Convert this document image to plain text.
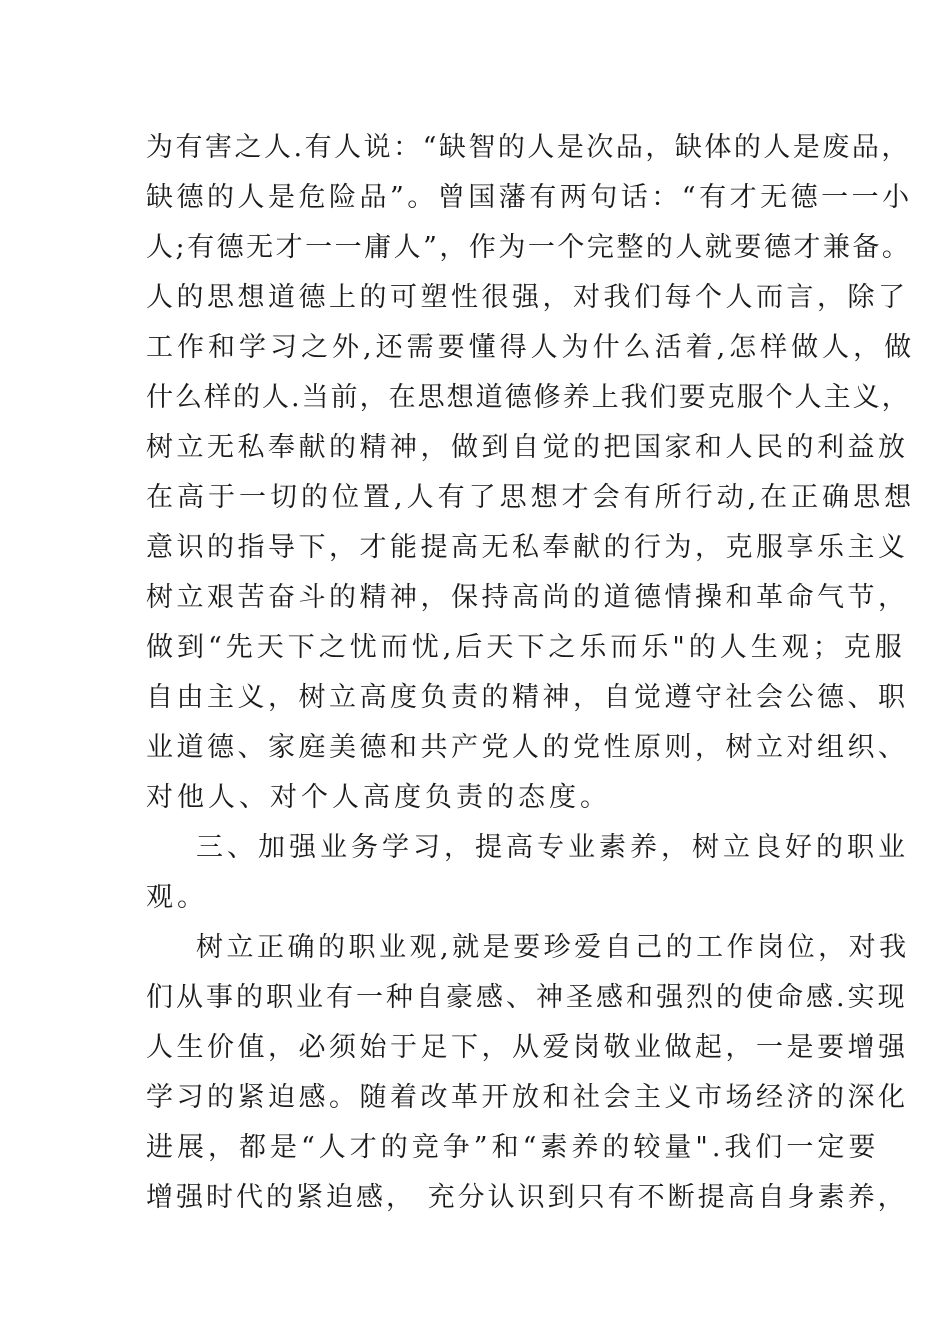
为有害之人.有人说：“缺智的人是次品，缺体的人是废品，
缺德的人是危险品”。曾国藩有两句话：“有才无德一一小
人;有德无才一一庸人”，作为一个完整的人就要德才兼备。
人的思想道德上的可塑性很强，对我们每个人而言，除了
工作和学习之外,还需要懂得人为什么活着,怎样做人，做
什么样的人.当前，在思想道德修养上我们要克服个人主义，
树立无私奉献的精神，做到自觉的把国家和人民的利益放
在高于一切的位置,人有了思想才会有所行动,在正确思想
意识的指导下，才能提高无私奉献的行为，克服享乐主义
树立艰苦奋斗的精神，保持高尚的道德情操和革命气节，
做到“先天下之忧而忧,后天下之乐而乐"的人生观；克服
自由主义，树立高度负责的精神，自觉遵守社会公德、职
业道德、家庭美德和共产党人的党性原则，树立对组织、
对他人、对个人高度负责的态度。
三、加强业务学习，提高专业素养，树立良好的职业
观。
树立正确的职业观,就是要珍爱自己的工作岗位，对我
们从事的职业有一种自豪感、神圣感和强烈的使命感.实现
人生价值，必须始于足下，从爱岗敬业做起，一是要增强
学习的紧迫感。随着改革开放和社会主义市场经济的深化
进展，都是“人才的竞争”和“素养的较量".我们一定要
增强时代的紧迫感， 充分认识到只有不断提高自身素养，
